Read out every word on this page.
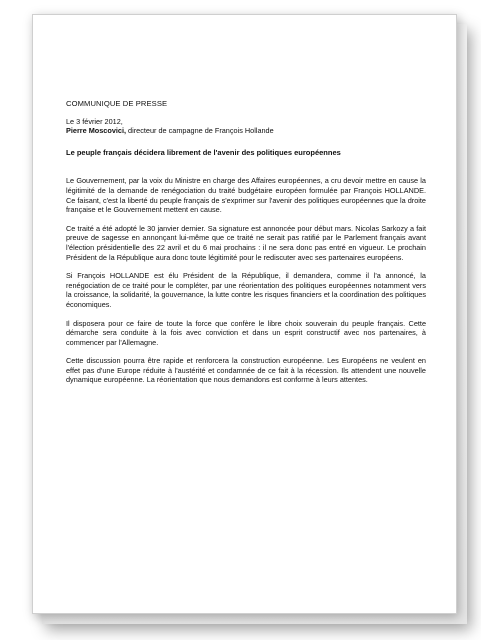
COMMUNIQUE DE PRESSE

Le 3 février 2012,

Pierre Moscovici, directeur de campagne de François Hollande

Le peuple français décidera librement de l'avenir des politiques européennes

Le Gouvernement, par la voix du Ministre en charge des Affaires européennes, a cru devoir mettre en cause la légitimité de la demande de renégociation du traité budgétaire européen formulée par François HOLLANDE. Ce faisant, c'est la liberté du peuple français de s'exprimer sur l'avenir des politiques européennes que la droite française et le Gouvernement mettent en cause.

Ce traité a été adopté le 30 janvier dernier. Sa signature est annoncée pour début mars. Nicolas Sarkozy a fait preuve de sagesse en annonçant lui-même que ce traité ne serait pas ratifié par le Parlement français avant l'élection présidentielle des 22 avril et du 6 mai prochains : il ne sera donc pas entré en vigueur. Le prochain Président de la République aura donc toute légitimité pour le rediscuter avec ses partenaires européens.

Si François HOLLANDE est élu Président de la République, il demandera, comme il l'a annoncé, la renégociation de ce traité pour le compléter, par une réorientation des politiques européennes notamment vers la croissance, la solidarité, la gouvernance, la lutte contre les risques financiers et la coordination des politiques économiques.

Il disposera pour ce faire de toute la force que confère le libre choix souverain du peuple français. Cette démarche sera conduite à la fois avec conviction et dans un esprit constructif avec nos partenaires, à commencer par l'Allemagne.

Cette discussion pourra être rapide et renforcera la construction européenne. Les Européens ne veulent en effet pas d'une Europe réduite à l'austérité et condamnée de ce fait à la récession. Ils attendent une nouvelle dynamique européenne. La réorientation que nous demandons est conforme à leurs attentes.
